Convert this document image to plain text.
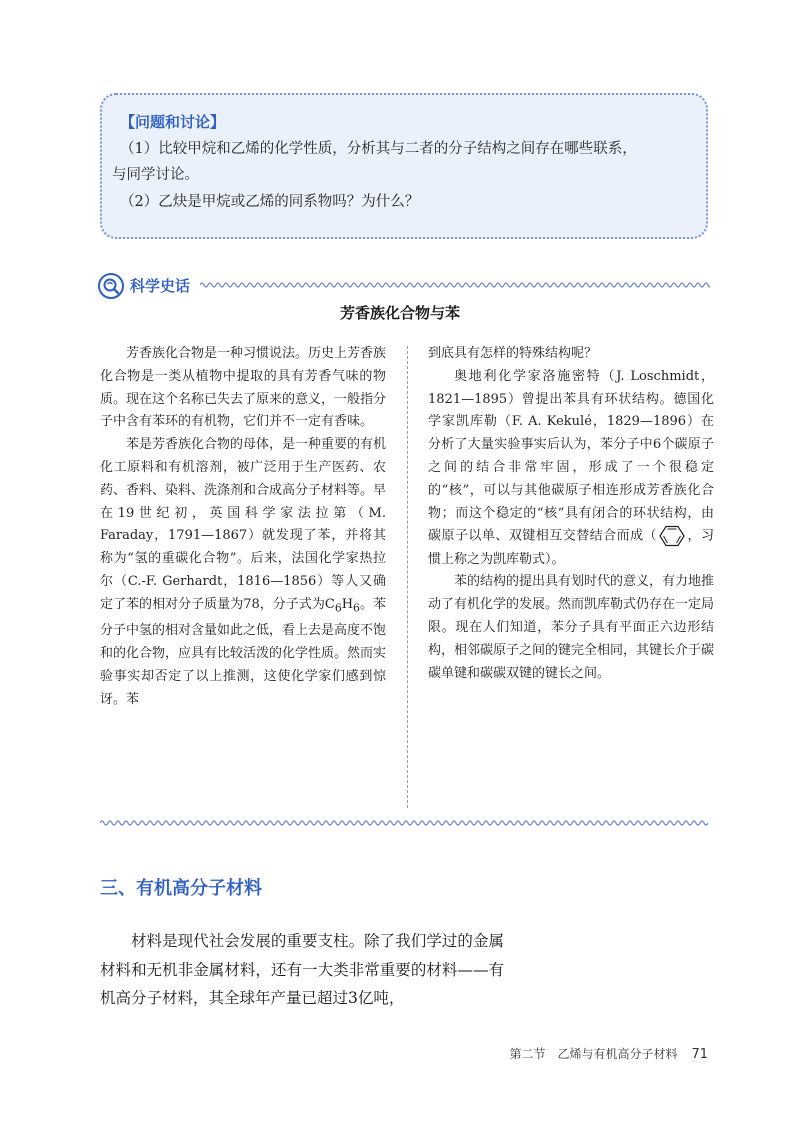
【问题和讨论】
（1）比较甲烷和乙烯的化学性质，分析其与二者的分子结构之间存在哪些联系，
与同学讨论。
（2）乙炔是甲烷或乙烯的同系物吗？为什么？
科学史话
芳香族化合物与苯

芳香族化合物是一种习惯说法。历史上芳香族化合物是一类从植物中提取的具有芳香气味的物质。现在这个名称已失去了原来的意义，一般指分子中含有苯环的有机物，它们并不一定有香味。

苯是芳香族化合物的母体，是一种重要的有机化工原料和有机溶剂，被广泛用于生产医药、农药、香料、染料、洗涤剂和合成高分子材料等。早在19世纪初，英国科学家法拉第（M. Faraday，1791—1867）就发现了苯，并将其称为“氢的重碳化合物”。后来，法国化学家热拉尔（C.-F. Gerhardt，1816—1856）等人又确定了苯的相对分子质量为78，分子式为$C_6H_6$。苯分子中氢的相对含量如此之低，看上去是高度不饱和的化合物，应具有比较活泼的化学性质。然而实验事实却否定了以上推测，这使化学家们感到惊讶。苯

到底具有怎样的特殊结构呢？

奥地利化学家洛施密特（J. Loschmidt，1821—1895）曾提出苯具有环状结构。德国化学家凯库勒（F. A. Kekulé，1829—1896）在分析了大量实验事实后认为，苯分子中6个碳原子之间的结合非常牢固，形成了一个很稳定的“核”，可以与其他碳原子相连形成芳香族化合物；而这个稳定的“核”具有闭合的环状结构，由碳原子以单、双键相互交替结合而成（ ，习惯上称之为凯库勒式）。

苯的结构的提出具有划时代的意义，有力地推动了有机化学的发展。然而凯库勒式仍存在一定局限。现在人们知道，苯分子具有平面正六边形结构，相邻碳原子之间的键完全相同，其键长介于碳碳单键和碳碳双键的键长之间。

三、有机高分子材料

材料是现代社会发展的重要支柱。除了我们学过的金属材料和无机非金属材料，还有一大类非常重要的材料——有机高分子材料，其全球年产量已超过3亿吨，

第二节　乙烯与有机高分子材料 71
